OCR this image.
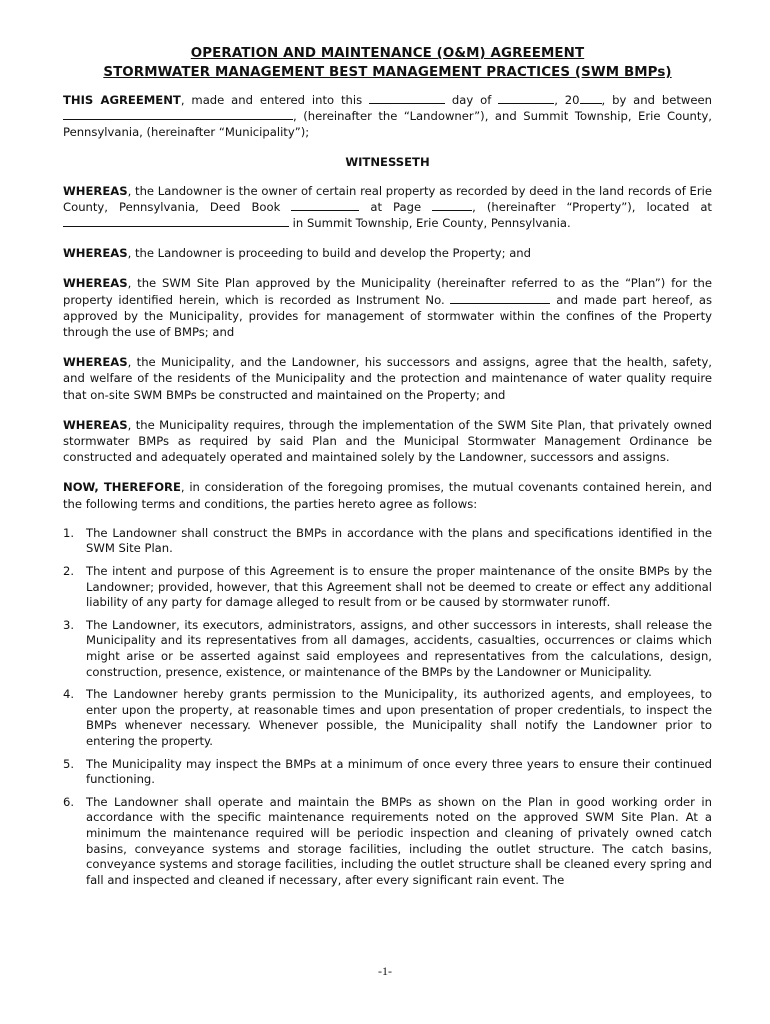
OPERATION AND MAINTENANCE (O&M) AGREEMENT
STORMWATER MANAGEMENT BEST MANAGEMENT PRACTICES (SWM BMPs)

THIS AGREEMENT, made and entered into this	day of	, 20 , by and between , (hereinafter the “Landowner”), and Summit Township, Erie County, Pennsylvania, (hereinafter “Municipality”);

WITNESSETH

WHEREAS, the Landowner is the owner of certain real property as recorded by deed in the land records of Erie County, Pennsylvania, Deed Book	at Page	, (hereinafter “Property”), located at  in Summit Township, Erie County, Pennsylvania.

WHEREAS, the Landowner is proceeding to build and develop the Property; and

WHEREAS, the SWM Site Plan approved by the Municipality (hereinafter referred to as the “Plan”) for the property identified herein, which is recorded as Instrument No.	and made part hereof, as approved by the Municipality, provides for management of stormwater within the confines of the Property through the use of BMPs; and

WHEREAS, the Municipality, and the Landowner, his successors and assigns, agree that the health, safety, and welfare of the residents of the Municipality and the protection and maintenance of water quality require that on-site SWM BMPs be constructed and maintained on the Property; and

WHEREAS, the Municipality requires, through the implementation of the SWM Site Plan, that privately owned stormwater BMPs as required by said Plan and the Municipal Stormwater Management Ordinance be constructed and adequately operated and maintained solely by the Landowner, successors and assigns.

NOW, THEREFORE, in consideration of the foregoing promises, the mutual covenants contained herein, and the following terms and conditions, the parties hereto agree as follows:

1. The Landowner shall construct the BMPs in accordance with the plans and specifications identified in the SWM Site Plan.
2. The intent and purpose of this Agreement is to ensure the proper maintenance of the onsite BMPs by the Landowner; provided, however, that this Agreement shall not be deemed to create or effect any additional liability of any party for damage alleged to result from or be caused by stormwater runoff.
3. The Landowner, its executors, administrators, assigns, and other successors in interests, shall release the Municipality and its representatives from all damages, accidents, casualties, occurrences or claims which might arise or be asserted against said employees and representatives from the calculations, design, construction, presence, existence, or maintenance of the BMPs by the Landowner or Municipality.
4. The Landowner hereby grants permission to the Municipality, its authorized agents, and employees, to enter upon the property, at reasonable times and upon presentation of proper credentials, to inspect the BMPs whenever necessary. Whenever possible, the Municipality shall notify the Landowner prior to entering the property.
5. The Municipality may inspect the BMPs at a minimum of once every three years to ensure their continued functioning.
6. The Landowner shall operate and maintain the BMPs as shown on the Plan in good working order in accordance with the specific maintenance requirements noted on the approved SWM Site Plan. At a minimum the maintenance required will be periodic inspection and cleaning of privately owned catch basins, conveyance systems and storage facilities, including the outlet structure. The catch basins, conveyance systems and storage facilities, including the outlet structure shall be cleaned every spring and fall and inspected and cleaned if necessary, after every significant rain event. The
-1-
